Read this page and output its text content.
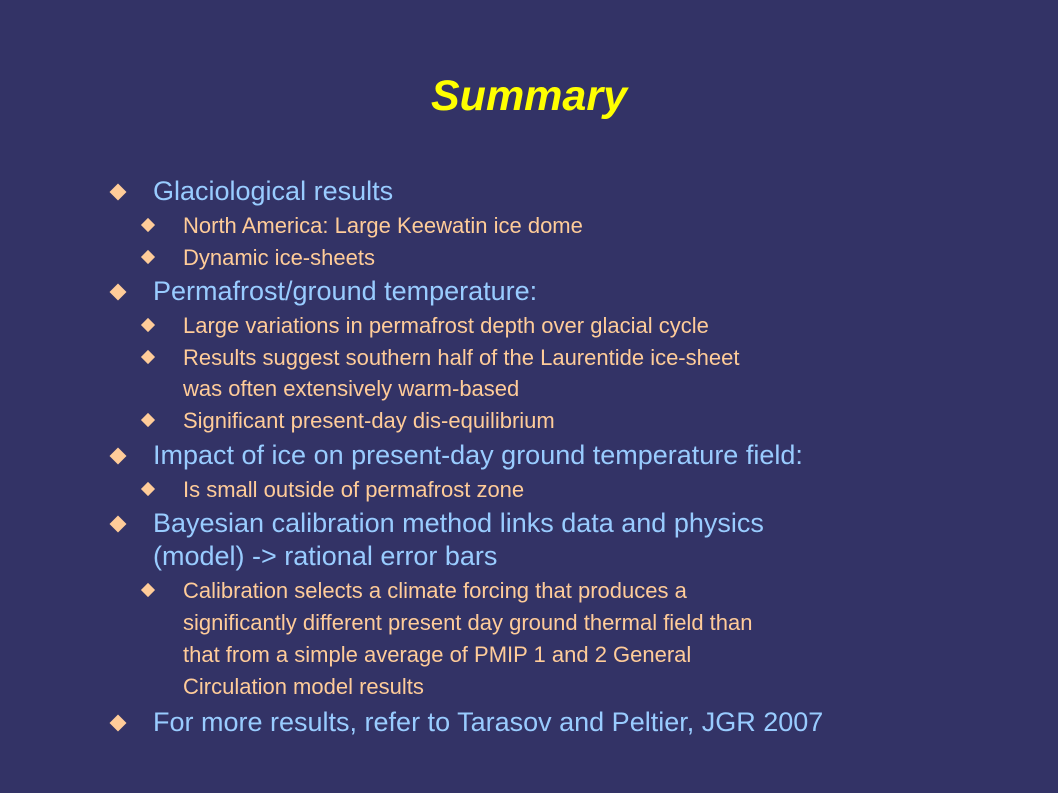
Summary
Glaciological results
North America: Large Keewatin ice dome
Dynamic ice-sheets
Permafrost/ground temperature:
Large variations in permafrost depth over glacial cycle
Results suggest southern half of the Laurentide ice-sheet
was often extensively warm-based
Significant present-day dis-equilibrium
Impact of ice on present-day ground temperature field:
Is small outside of permafrost zone
Bayesian calibration method links data and physics
(model) -> rational error bars
Calibration selects a climate forcing that produces a
significantly different present day ground thermal field than
that from a simple average of PMIP 1 and 2 General
Circulation model results
For more results, refer to Tarasov and Peltier, JGR 2007
